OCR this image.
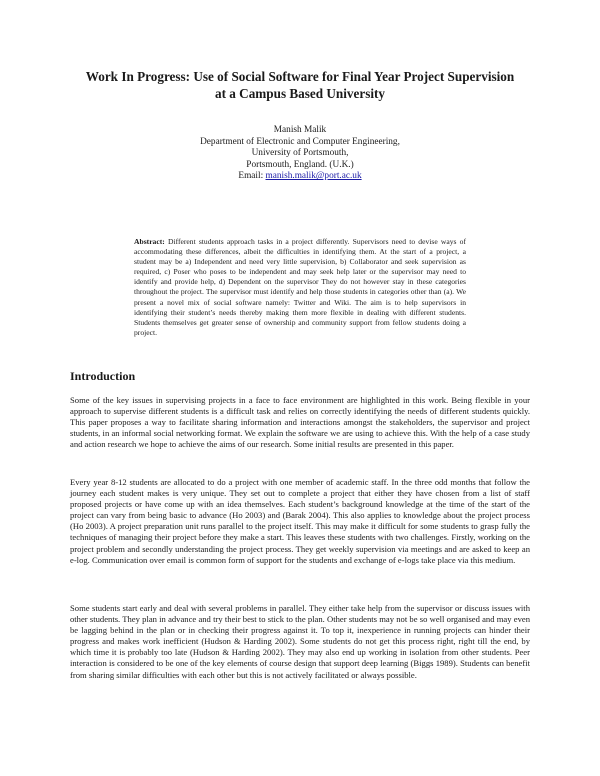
Work In Progress: Use of Social Software for Final Year Project Supervision
at a Campus Based University
Manish Malik
Department of Electronic and Computer Engineering,
University of Portsmouth,
Portsmouth, England. (U.K.)
Email: manish.malik@port.ac.uk

Abstract: Different students approach tasks in a project differently. Supervisors need to devise ways of accommodating these differences, albeit the difficulties in identifying them. At the start of a project, a student may be a) Independent and need very little supervision, b) Collaborator and seek supervision as required, c) Poser who poses to be independent and may seek help later or the supervisor may need to identify and provide help, d) Dependent on the supervisor They do not however stay in these categories throughout the project. The supervisor must identify and help those students in categories other than (a). We present a novel mix of social software namely: Twitter and Wiki. The aim is to help supervisors in identifying their student’s needs thereby making them more flexible in dealing with different students. Students themselves get greater sense of ownership and community support from fellow students doing a project.

Introduction

Some of the key issues in supervising projects in a face to face environment are highlighted in this work. Being flexible in your approach to supervise different students is a difficult task and relies on correctly identifying the needs of different students quickly. This paper proposes a way to facilitate sharing information and interactions amongst the stakeholders, the supervisor and project students, in an informal social networking format. We explain the software we are using to achieve this. With the help of a case study and action research we hope to achieve the aims of our research. Some initial results are presented in this paper.

Every year 8-12 students are allocated to do a project with one member of academic staff. In the three odd months that follow the journey each student makes is very unique. They set out to complete a project that either they have chosen from a list of staff proposed projects or have come up with an idea themselves. Each student’s background knowledge at the time of the start of the project can vary from being basic to advance (Ho 2003) and (Barak 2004). This also applies to knowledge about the project process (Ho 2003). A project preparation unit runs parallel to the project itself. This may make it difficult for some students to grasp fully the techniques of managing their project before they make a start. This leaves these students with two challenges. Firstly, working on the project problem and secondly understanding the project process. They get weekly supervision via meetings and are asked to keep an e-log. Communication over email is common form of support for the students and exchange of e-logs take place via this medium.

Some students start early and deal with several problems in parallel. They either take help from the supervisor or discuss issues with other students. They plan in advance and try their best to stick to the plan. Other students may not be so well organised and may even be lagging behind in the plan or in checking their progress against it. To top it, inexperience in running projects can hinder their progress and makes work inefficient (Hudson & Harding 2002). Some students do not get this process right, right till the end, by which time it is probably too late (Hudson & Harding 2002). They may also end up working in isolation from other students. Peer interaction is considered to be one of the key elements of course design that support deep learning (Biggs 1989). Students can benefit from sharing similar difficulties with each other but this is not actively facilitated or always possible.
